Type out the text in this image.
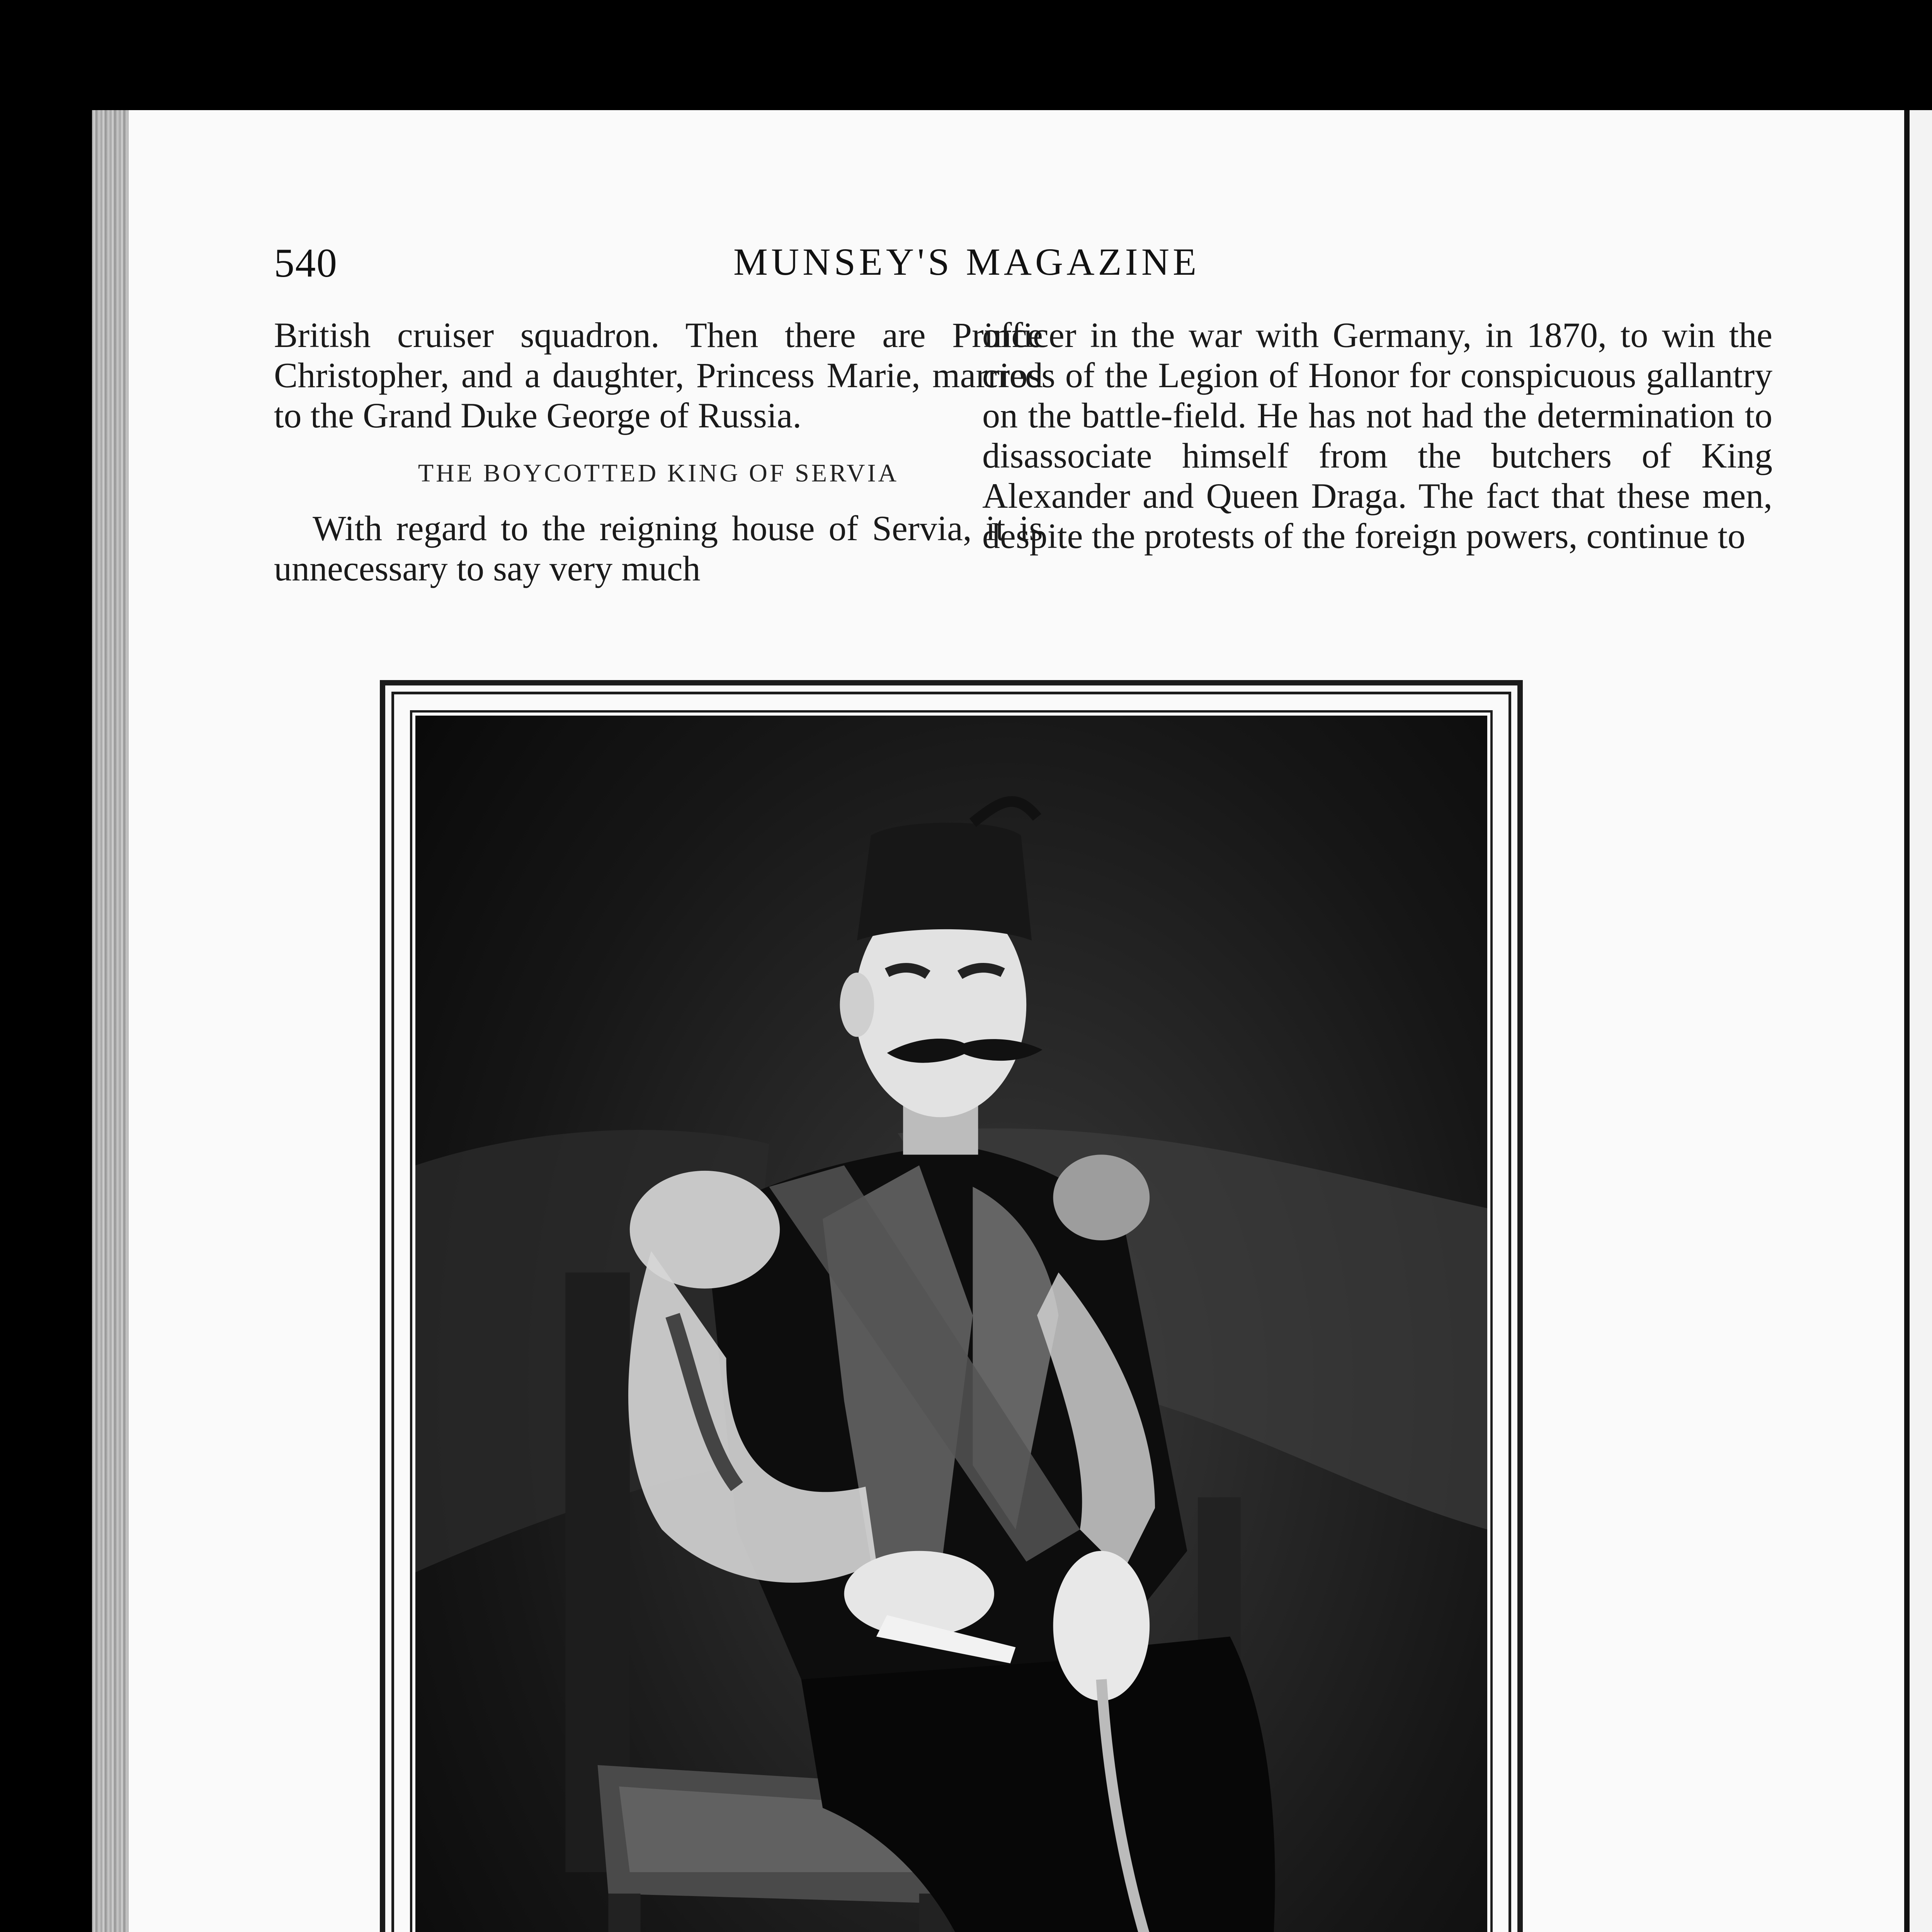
540	MUNSEY'S MAGAZINE

British cruiser squadron. Then there are Prince Christopher, and a daughter, Princess Marie, married to the Grand Duke George of Russia.

THE BOYCOTTED KING OF SERVIA

With regard to the reigning house of Servia, it is unnecessary to say very much

officer in the war with Germany, in 1870, to win the cross of the Legion of Honor for conspicuous gallantry on the battle-field. He has not had the determination to disassociate himself from the butchers of King Alexander and Queen Draga. The fact that these men, despite the protests of the foreign powers, continue to
